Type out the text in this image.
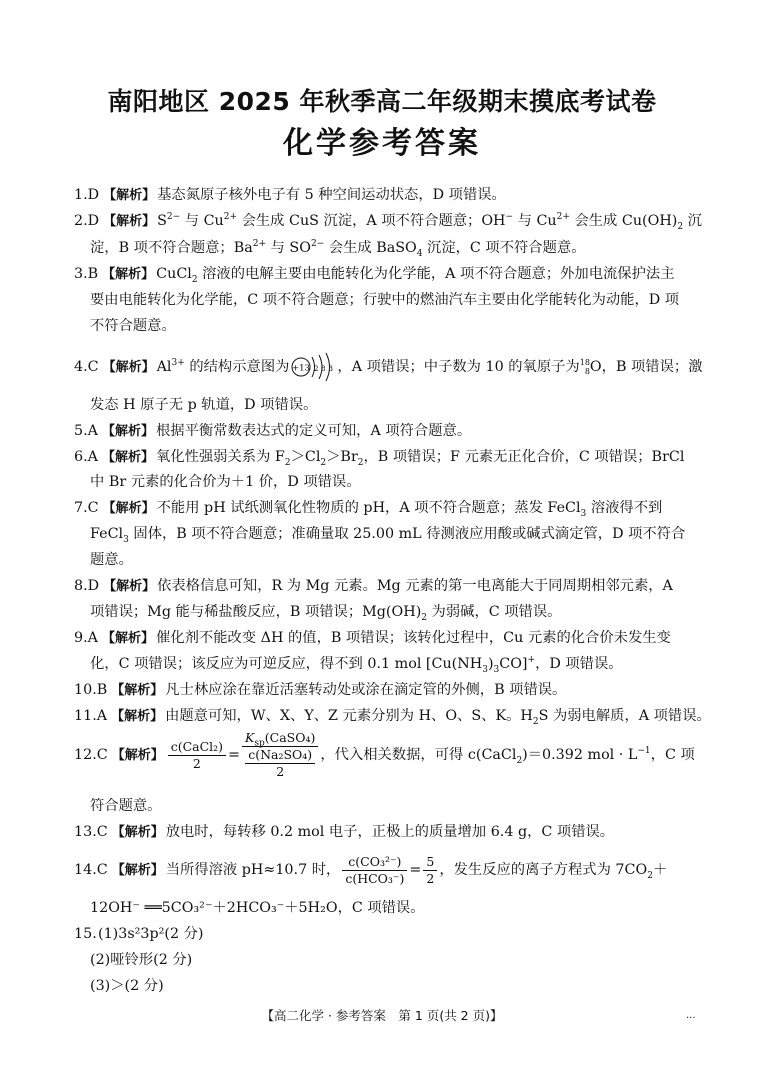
南阳地区 2025 年秋季高二年级期末摸底考试卷
化学参考答案
1.D 【解析】 基态氮原子核外电子有 5 种空间运动状态，D 项错误。
2.D 【解析】 $S^{2-}$ 与 $Cu^{2+}$ 会生成 CuS 沉淀，A 项不符合题意；OH− 与 $Cu^{2+}$ 会生成 $Cu(OH)_2$ 沉
淀，B 项不符合题意；$Ba^{2+}$ 与 $SO^{2-}$ 会生成 BaSO$_4$ 沉淀，C 项不符合题意。
3.B 【解析】 CuCl$_2$ 溶液的电解主要由电能转化为化学能，A 项不符合题意；外加电流保护法主
要由电能转化为化学能，C 项不符合题意；行驶中的燃油汽车主要由化学能转化为动能，D 项
不符合题意。
4.C 【解析】 $Al^{3+}$ 的结构示意图为 +13 2 8 3 ，A 项错误；中子数为 10 的氧原子为 18
8 O，B 项错误；激
发态 H 原子无 p 轨道，D 项错误。
5.A 【解析】 根据平衡常数表达式的定义可知，A 项符合题意。
6.A 【解析】 氧化性强弱关系为 $F_2>Cl_2>Br_2$，B 项错误；F 元素无正化合价，C 项错误；BrCl
中 Br 元素的化合价为＋1 价，D 项错误。
7.C 【解析】 不能用 pH 试纸测氧化性物质的 pH，A 项不符合题意；蒸发 FeCl$_3$ 溶液得不到
FeCl$_3$ 固体，B 项不符合题意；准确量取 25.00 mL 待测液应用酸或碱式滴定管，D 项不符合
题意。
8.D 【解析】 依表格信息可知，R 为 Mg 元素。Mg 元素的第一电离能大于同周期相邻元素，A
项错误；Mg 能与稀盐酸反应，B 项错误；$Mg(OH)_2$ 为弱碱，C 项错误。
9.A 【解析】 催化剂不能改变 ΔH 的值，B 项错误；该转化过程中，Cu 元素的化合价未发生变
化，C 项错误；该反应为可逆反应，得不到 0.1 mol $[Cu(NH_3)_3CO]^+$，D 项错误。
10.B 【解析】 凡士林应涂在靠近活塞转动处或涂在滴定管的外侧，B 项错误。
11.A 【解析】 由题意可知，W、X、Y、Z 元素分别为 H、O、S、K。$H_2S$ 为弱电解质，A 项错误。
12.C 【解析】 $\frac{\text{c(CaCl₂)}}{2} = \frac{K_{sp}(CaSO_4)}{\frac{\text{c(Na₂SO₄)}}{2}}$ ，代入相关数据，可得 c(CaCl$_2$)＝0.392 mol · $L^{-1}$，C 项
符合题意。
13.C 【解析】 放电时，每转移 0.2 mol 电子，正极上的质量增加 6.4 g，C 项错误。
14.C 【解析】 当所得溶液 pH≈10.7 时， $\frac{\text{c(CO₃²⁻)}}{\text{c(HCO₃⁻)}} = \frac{5}{2}$ ，发生反应的离子方程式为 $7CO_2+$
12OH⁻ ══5CO₃²⁻＋2HCO₃⁻＋5H₂O，C 项错误。
15.(1)3s²3p²(2 分)
(2)哑铃形(2 分)
(3)＞(2 分)
【高二化学 · 参考答案　第 1 页(共 2 页)】	...
